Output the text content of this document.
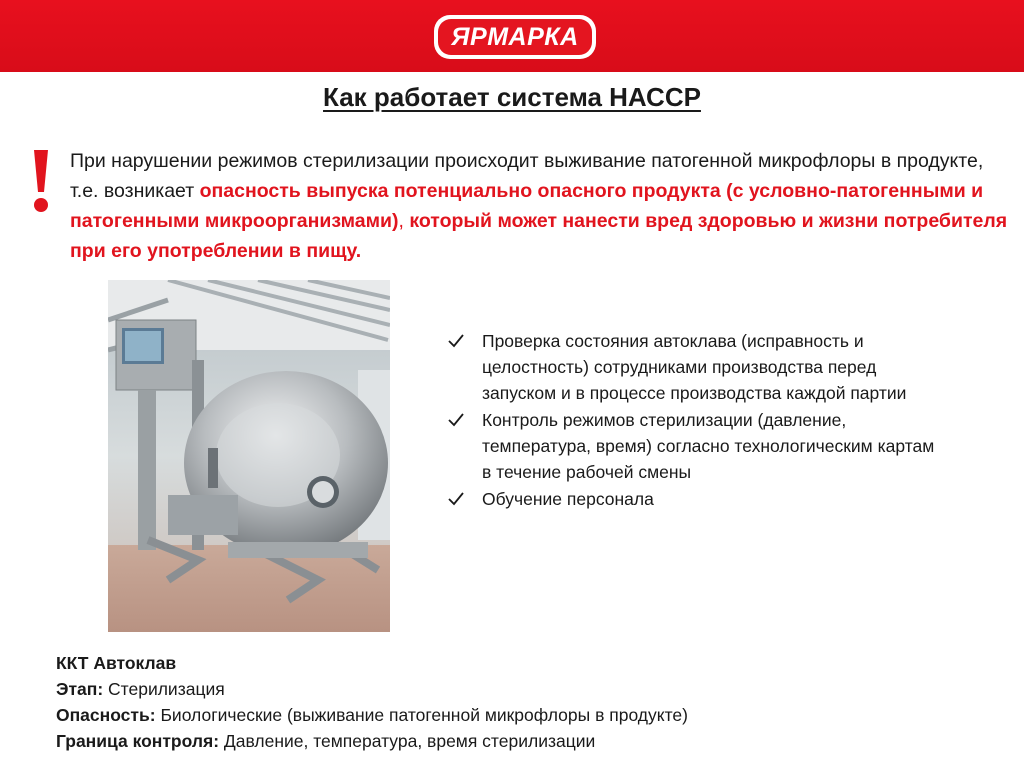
ЯРМАРКА
Как работает система НАССР

При нарушении режимов стерилизации происходит выживание патогенной микрофлоры в продукте, т.е. возникает опасность выпуска потенциально опасного продукта (с условно-патогенными и патогенными микроорганизмами), который может нанести вред здоровью и жизни потребителя при его употреблении в пищу.

Проверка состояния автоклава (исправность и целостность) сотрудниками производства перед запуском и в процессе производства каждой партии
Контроль режимов стерилизации (давление, температура, время) согласно технологическим картам в течение рабочей смены
Обучение персонала
ККТ Автоклав
Этап: Стерилизация
Опасность: Биологические (выживание патогенной микрофлоры в продукте)
Граница контроля: Давление, температура, время стерилизации
